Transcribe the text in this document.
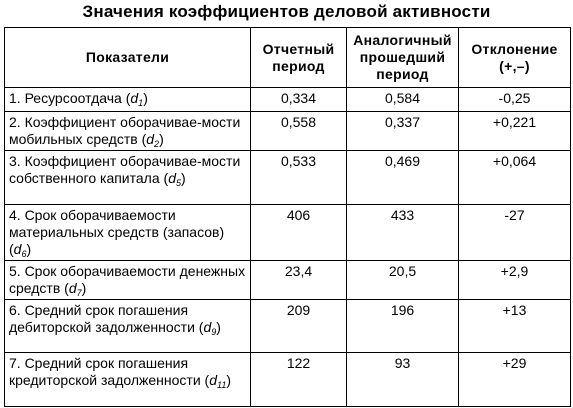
Значения коэффициентов деловой активности
Показатели	Отчетный период	Аналогичный прошедший период	Отклонение (+,–)
1. Ресурсоотдача $(d_1)$	0,334	0,584	-0,25
2. Коэффициент оборачивае-мости мобильных средств $(d_2)$	0,558	0,337	+0,221
3. Коэффициент оборачивае-мости собственного капитала $(d_5)$	0,533	0,469	+0,064
4. Срок оборачиваемости материальных средств (запасов) $(d_6)$	406	433	-27
5. Срок оборачиваемости денежных средств $(d_7)$	23,4	20,5	+2,9
6. Средний срок погашения дебиторской задолженности $(d_9)$	209	196	+13
7. Средний срок погашения кредиторской задолженности $(d_{11})$	122	93	+29
